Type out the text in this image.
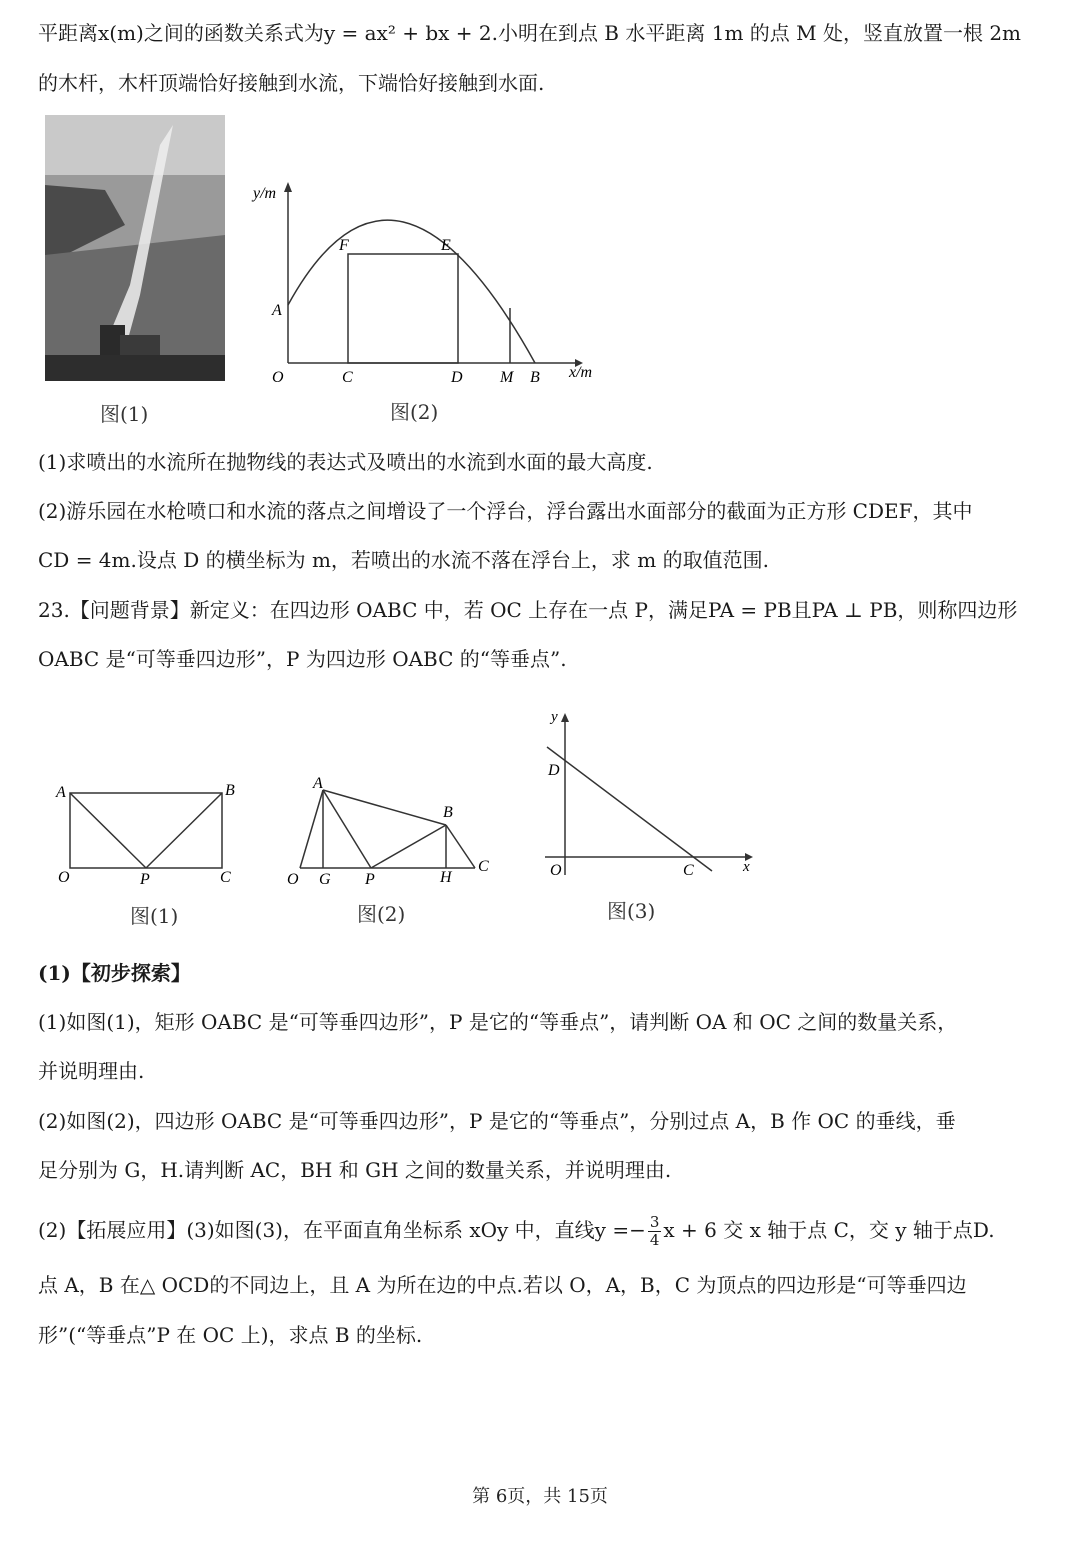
平距离x(m)之间的函数关系式为y = ax² + bx + 2.小明在到点 B 水平距离 1m 的点 M 处，竖直放置一根 2m
的木杆，木杆顶端恰好接触到水流，下端恰好接触到水面.
图(1)
y/m
x/m
O
A
C	D
E
F
M B
图(2)
(1)求喷出的水流所在抛物线的表达式及喷出的水流到水面的最大高度.
(2)游乐园在水枪喷口和水流的落点之间增设了一个浮台，浮台露出水面部分的截面为正方形 CDEF，其中
CD = 4m.设点 D 的横坐标为 m，若喷出的水流不落在浮台上，求 m 的取值范围.
23.【问题背景】新定义：在四边形 OABC 中，若 OC 上存在一点 P，满足PA = PB且PA ⊥ PB，则称四边形
OABC 是“可等垂四边形”，P 为四边形 OABC 的“等垂点”.
A	B
O	P	C
图(1)
A
B
O G P	H
C
图(2)
y
x
D
O	C
图(3)
(1)【初步探索】
(1)如图(1)，矩形 OABC 是“可等垂四边形”，P 是它的“等垂点”，请判断 OA 和 OC 之间的数量关系，
并说明理由.
(2)如图(2)，四边形 OABC 是“可等垂四边形”，P 是它的“等垂点”，分别过点 A，B 作 OC 的垂线，垂
足分别为 G，H.请判断 AC，BH 和 GH 之间的数量关系，并说明理由.
(2)【拓展应用】(3)如图(3)，在平面直角坐标系 xOy 中，直线$y =- \frac{3}{4}$ x + 6 交 x 轴于点 C，交 y 轴于点D.
点 A，B 在△ OCD的不同边上，且 A 为所在边的中点.若以 O，A，B，C 为顶点的四边形是“可等垂四边
形”(“等垂点”P 在 OC 上)，求点 B 的坐标.
第 6页，共 15页
